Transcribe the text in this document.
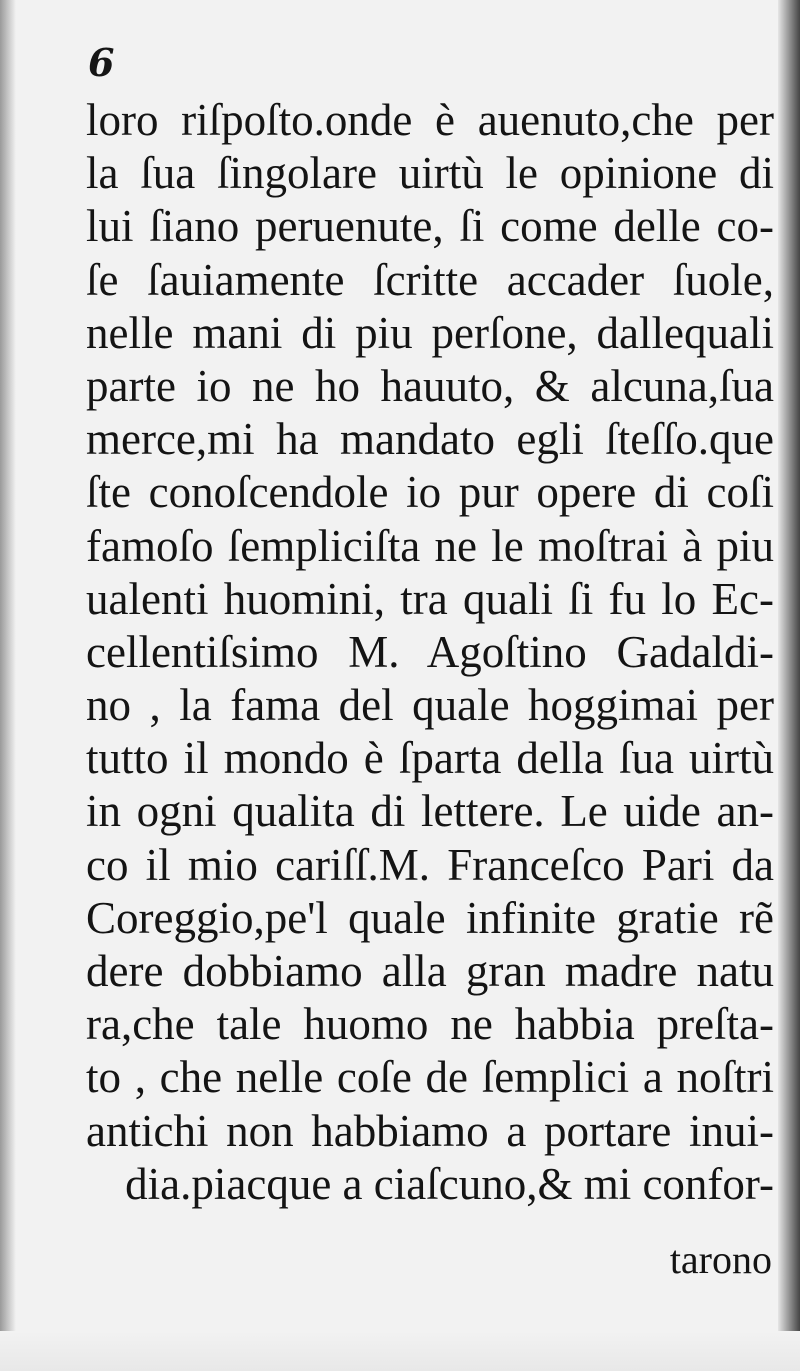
6
loro riſpoſto.onde è auenuto,che per
la ſua ſingolare uirtù le opinione di
lui ſiano peruenute, ſi come delle co-
ſe ſauiamente ſcritte accader ſuole,
nelle mani di piu perſone, dallequali
parte io ne ho hauuto, & alcuna,ſua
merce,mi ha mandato egli ſteſſo.que
ſte conoſcendole io pur opere di coſi
famoſo ſempliciſta ne le moſtrai à piu
ualenti huomini, tra quali ſi fu lo Ec-
cellentiſsimo M. Agoſtino Gadaldi-
no , la fama del quale hoggimai per
tutto il mondo è ſparta della ſua uirtù
in ogni qualita di lettere. Le uide an-
co il mio cariſſ.M. Franceſco Pari da
Coreggio,pe'l quale infinite gratie rẽ
dere dobbiamo alla gran madre natu
ra,che tale huomo ne habbia preſta-
to , che nelle coſe de ſemplici a noſtri
antichi non habbiamo a portare inui-
dia.piacque a ciaſcuno,& mi confor-
tarono
